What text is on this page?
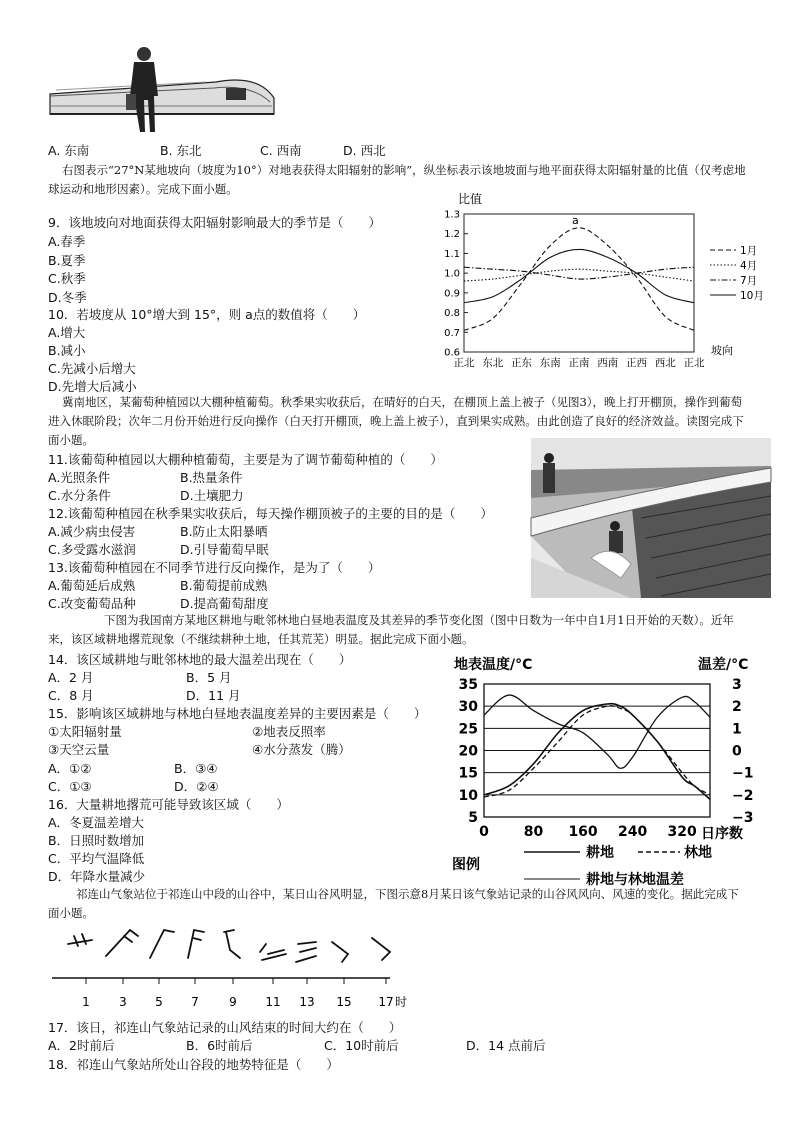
A. 东南	B. 东北	C. 西南	D. 西北
右图表示“27°N某地坡向（坡度为10°）对地表获得太阳辐射的影响”，纵坐标表示该地坡面与地平面获得太阳辐射量的比值（仅考虑地球运动和地形因素）。完成下面小题。
9．该地坡向对地面获得太阳辐射影响最大的季节是（　　）
A.春季
B.夏季
C.秋季
D.冬季
10．若坡度从 10°增大到 15°，则 a点的数值将（　　）
A.增大
B.减小
C.先减小后增大
D.先增大后减小
比值
1.3
1.2
1.1
1.0
0.9
0.8
0.7
0.6
正北 东北 正东 东南 正南 西南 正西 西北 正北
a
坡向
1月
4月
7月
10月
冀南地区，某葡萄种植园以大棚种植葡萄。秋季果实收获后，在晴好的白天，在棚顶上盖上被子（见图3），晚上打开棚顶，操作到葡萄进入休眠阶段；次年二月份开始进行反向操作（白天打开棚顶，晚上盖上被子），直到果实成熟。由此创造了良好的经济效益。读图完成下面小题。
11.该葡萄种植园以大棚种植葡萄，主要是为了调节葡萄种植的（　　）
A.光照条件	B.热量条件
C.水分条件	D.土壤肥力
12.该葡萄种植园在秋季果实收获后，每天操作棚顶被子的主要的目的是（　　）
A.减少病虫侵害	B.防止太阳暴晒
C.多受露水滋润	D.引导葡萄早眠
13.该葡萄种植园在不同季节进行反向操作，是为了（　　）
A.葡萄延后成熟	B.葡萄提前成熟
C.改变葡萄品种	D.提高葡萄甜度
下图为我国南方某地区耕地与毗邻林地白昼地表温度及其差异的季节变化图（图中日数为一年中自1月1日开始的天数）。近年来，该区域耕地撂荒现象（不继续耕种土地，任其荒芜）明显。据此完成下面小题。
14．该区域耕地与毗邻林地的最大温差出现在（　　）
A．2 月	B．5 月
C．8 月	D．11 月
15．影响该区域耕地与林地白昼地表温度差异的主要因素是（　　）
①太阳辐射量	②地表反照率
③天空云量	④水分蒸发（腾）
A．①②	B．③④
C．①③	D．②④
16．大量耕地撂荒可能导致该区域（　　）
A．冬夏温差增大
B．日照时数增加
C．平均气温降低
D．年降水量减少
地表温度/°C	温差/°C
35
30
25
20
15
10
5
3
2
1
0
−1
−2
−3
0 80 160 240 320 日序数
图例
耕地	林地
耕地与林地温差
祁连山气象站位于祁连山中段的山谷中，某日山谷风明显，下图示意8月某日该气象站记录的山谷风风向、风速的变化。据此完成下面小题。
1 3 5 7	9 11 13 15 17 时
17．该日，祁连山气象站记录的山风结束的时间大约在（　　）
A．2时前后	B．6时前后	C．10时前后	D．14 点前后
18．祁连山气象站所处山谷段的地势特征是（　　）
